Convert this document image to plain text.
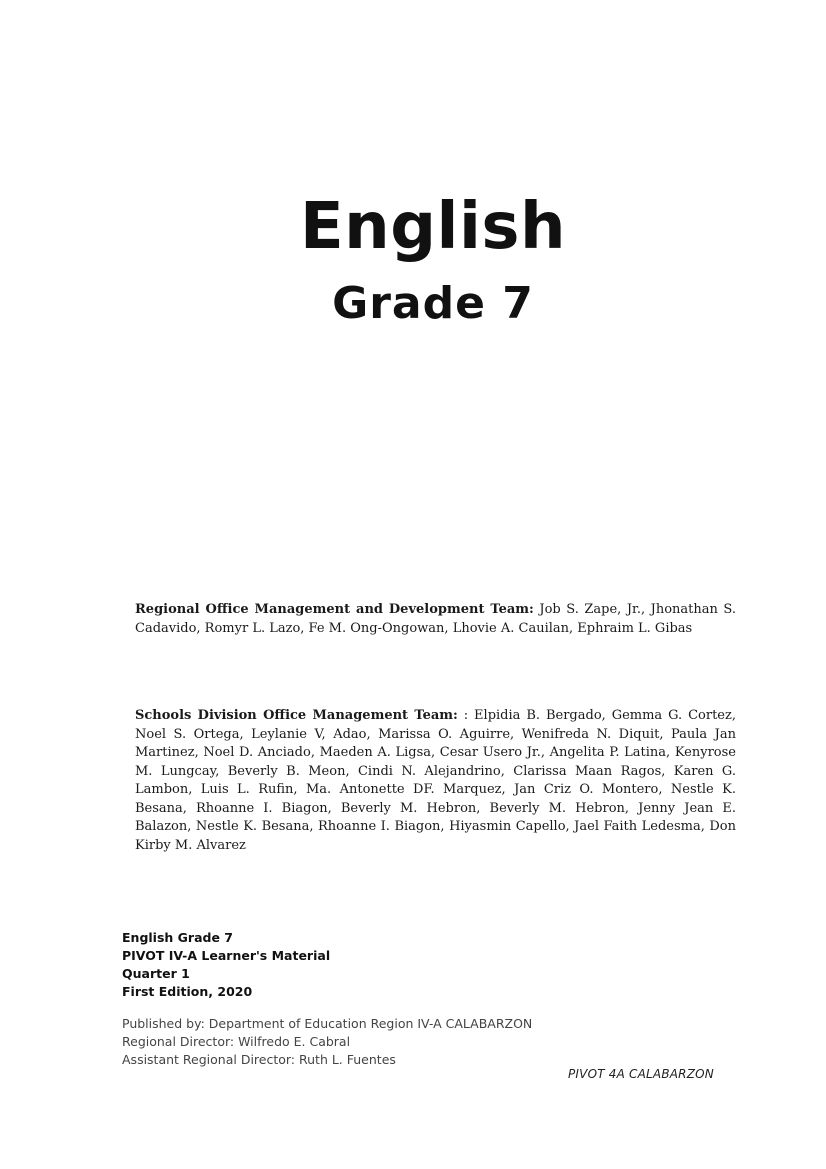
English
Grade 7

Regional Office Management and Development Team: Job S. Zape, Jr., Jhonathan S. Cadavido, Romyr L. Lazo, Fe M. Ong-Ongowan, Lhovie A. Cauilan, Ephraim L. Gibas

Schools Division Office Management Team: : Elpidia B. Bergado, Gemma G. Cortez, Noel S. Ortega, Leylanie V, Adao, Marissa O. Aguirre, Wenifreda N. Diquit, Paula Jan Martinez, Noel D. Anciado, Maeden A. Ligsa, Cesar Usero Jr., Angelita P. Latina, Kenyrose M. Lungcay, Beverly B. Meon, Cindi N. Alejandrino, Clarissa Maan Ragos, Karen G. Lambon, Luis L. Rufin, Ma. Antonette DF. Marquez, Jan Criz O. Montero, Nestle K. Besana, Rhoanne I. Biagon, Beverly M. Hebron, Beverly M. Hebron, Jenny Jean E. Balazon, Nestle K. Besana, Rhoanne I. Biagon, Hiyasmin Capello, Jael Faith Ledesma, Don Kirby M. Alvarez

English Grade 7
PIVOT IV-A Learner's Material
Quarter 1
First Edition, 2020
Published by: Department of Education Region IV-A CALABARZON
Regional Director: Wilfredo E. Cabral
Assistant Regional Director: Ruth L. Fuentes
PIVOT 4A CALABARZON
